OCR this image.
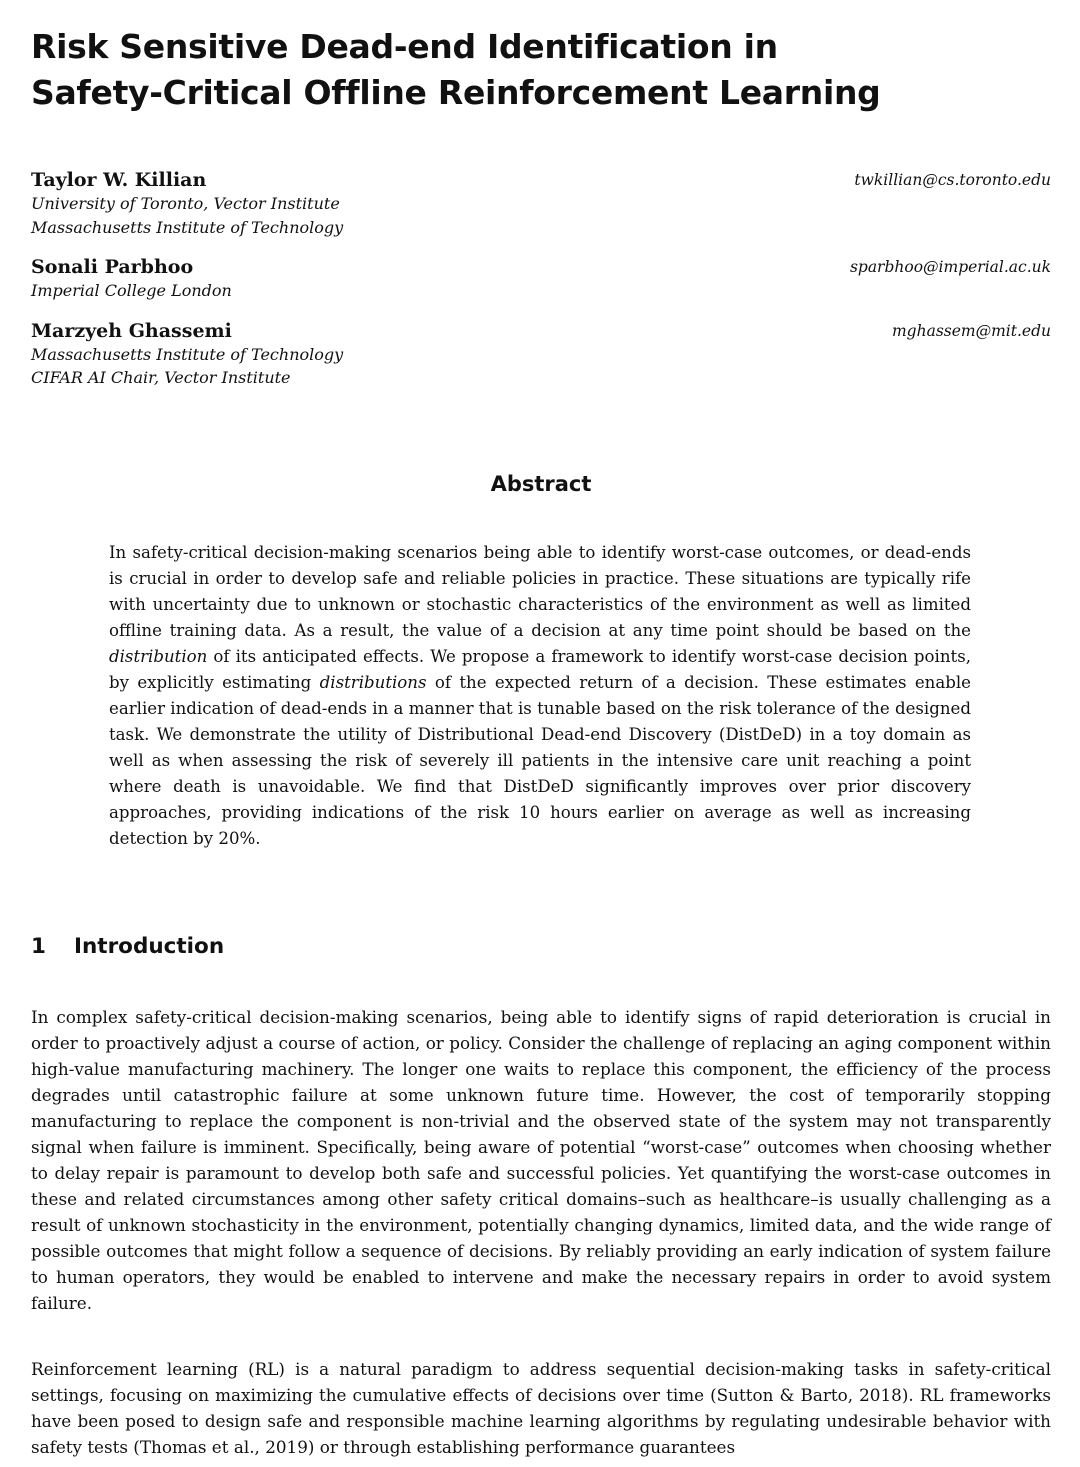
Risk Sensitive Dead-end Identification in
Safety-Critical Offline Reinforcement Learning
Taylor W. Killian	twkillian@cs.toronto.edu
University of Toronto, Vector Institute
Massachusetts Institute of Technology
Sonali Parbhoo	sparbhoo@imperial.ac.uk
Imperial College London
Marzyeh Ghassemi	mghassem@mit.edu
Massachusetts Institute of Technology
CIFAR AI Chair, Vector Institute
Abstract

In safety-critical decision-making scenarios being able to identify worst-case outcomes, or dead-ends is crucial in order to develop safe and reliable policies in practice. These situations are typically rife with uncertainty due to unknown or stochastic characteristics of the environment as well as limited offline training data. As a result, the value of a decision at any time point should be based on the distribution of its anticipated effects. We propose a framework to identify worst-case decision points, by explicitly estimating distributions of the expected return of a decision. These estimates enable earlier indication of dead-ends in a manner that is tunable based on the risk tolerance of the designed task. We demonstrate the utility of Distributional Dead-end Discovery (DistDeD) in a toy domain as well as when assessing the risk of severely ill patients in the intensive care unit reaching a point where death is unavoidable. We find that DistDeD significantly improves over prior discovery approaches, providing indications of the risk 10 hours earlier on average as well as increasing detection by 20%.

1 Introduction

In complex safety-critical decision-making scenarios, being able to identify signs of rapid deterioration is crucial in order to proactively adjust a course of action, or policy. Consider the challenge of replacing an aging component within high-value manufacturing machinery. The longer one waits to replace this component, the efficiency of the process degrades until catastrophic failure at some unknown future time. However, the cost of temporarily stopping manufacturing to replace the component is non-trivial and the observed state of the system may not transparently signal when failure is imminent. Specifically, being aware of potential “worst-case” outcomes when choosing whether to delay repair is paramount to develop both safe and successful policies. Yet quantifying the worst-case outcomes in these and related circumstances among other safety critical domains–such as healthcare–is usually challenging as a result of unknown stochasticity in the environment, potentially changing dynamics, limited data, and the wide range of possible outcomes that might follow a sequence of decisions. By reliably providing an early indication of system failure to human operators, they would be enabled to intervene and make the necessary repairs in order to avoid system failure.

Reinforcement learning (RL) is a natural paradigm to address sequential decision-making tasks in safety-critical settings, focusing on maximizing the cumulative effects of decisions over time (Sutton & Barto, 2018). RL frameworks have been posed to design safe and responsible machine learning algorithms by regulating undesirable behavior with safety tests (Thomas et al., 2019) or through establishing performance guarantees
